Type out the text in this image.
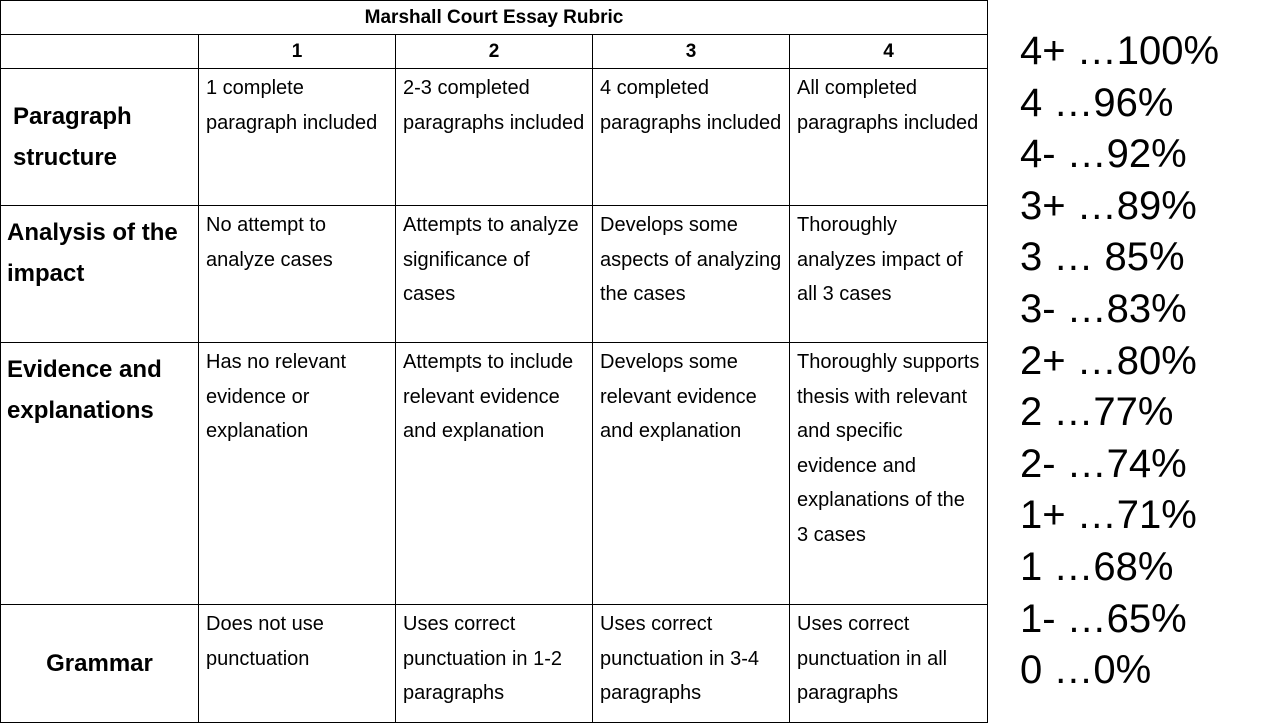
Marshall Court Essay Rubric				
	1	2	3	4

Paragraph structure	1 complete paragraph included	2-3 completed paragraphs included	4 completed paragraphs included	All completed paragraphs included
Analysis of the impact	No attempt to analyze cases	Attempts to analyze significance of cases	Develops some aspects of analyzing the cases	Thoroughly analyzes impact of all 3 cases
Evidence and explanations	Has no relevant evidence or explanation	Attempts to include relevant evidence and explanation	Develops some relevant evidence and explanation	Thoroughly supports thesis with relevant and specific evidence and explanations of the 3 cases
Grammar	Does not use punctuation	Uses correct punctuation in 1-2 paragraphs	Uses correct punctuation in 3-4 paragraphs	Uses correct punctuation in all paragraphs
4+ …100%
4 …96%
4- …92%
3+ …89%
3 … 85%
3- …83%
2+ …80%
2 …77%
2- …74%
1+ …71%
1 …68%
1- …65%
0 …0%
